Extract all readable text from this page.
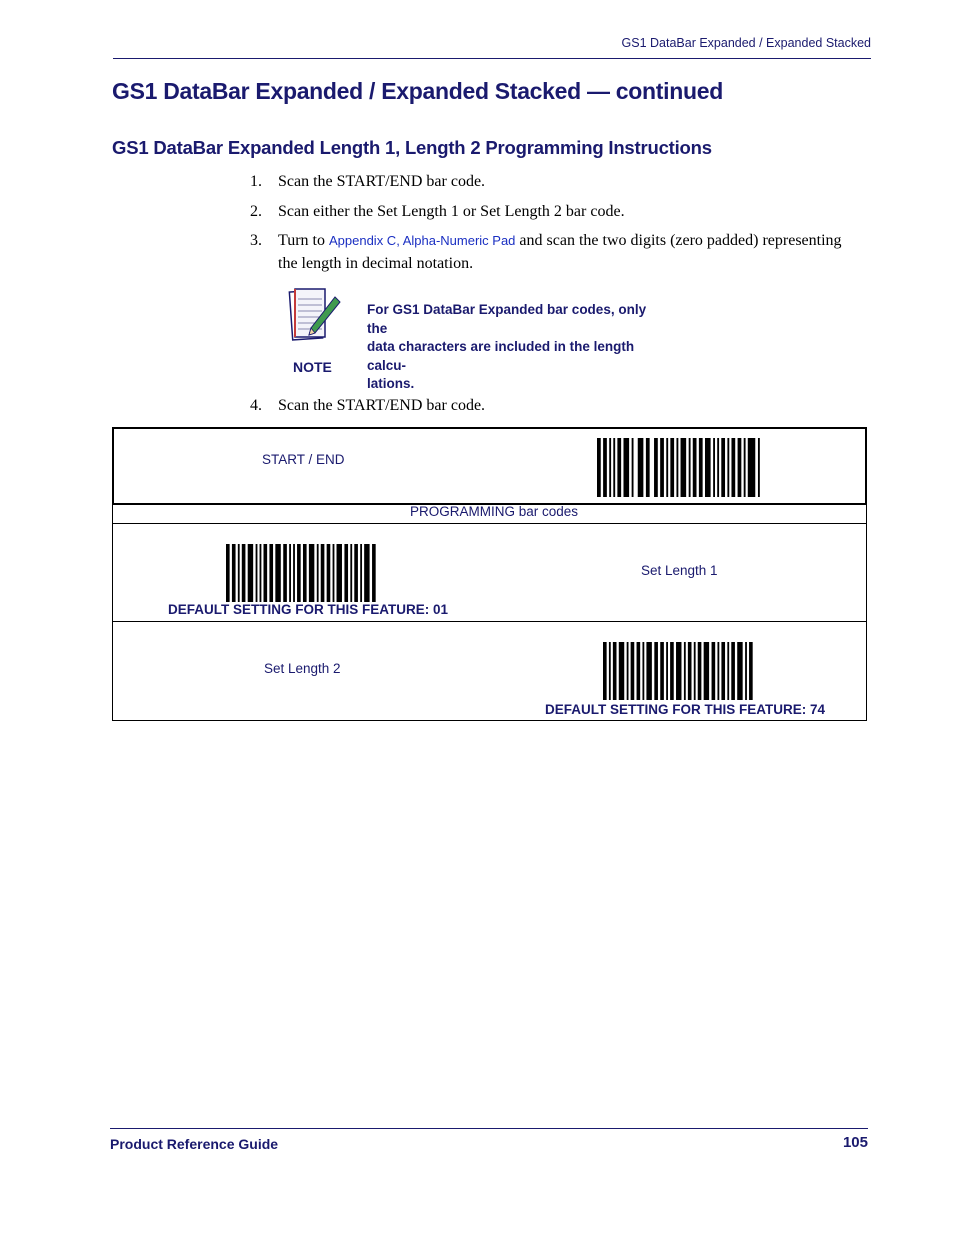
GS1 DataBar Expanded / Expanded Stacked
GS1 DataBar Expanded / Expanded Stacked — continued
GS1 DataBar Expanded Length 1, Length 2 Programming Instructions
1. Scan the START/END bar code.
2. Scan either the Set Length 1 or Set Length 2 bar code.
3. Turn to Appendix C, Alpha-Numeric Pad and scan the two digits (zero padded) representing
the length in decimal notation.
NOTE
For GS1 DataBar Expanded bar codes, only the
data characters are included in the length calcu-
lations.
4. Scan the START/END bar code.
START / END
PROGRAMMING bar codes
Set Length 1
DEFAULT SETTING FOR THIS FEATURE: 01
Set Length 2
DEFAULT SETTING FOR THIS FEATURE: 74
Product Reference Guide	105
